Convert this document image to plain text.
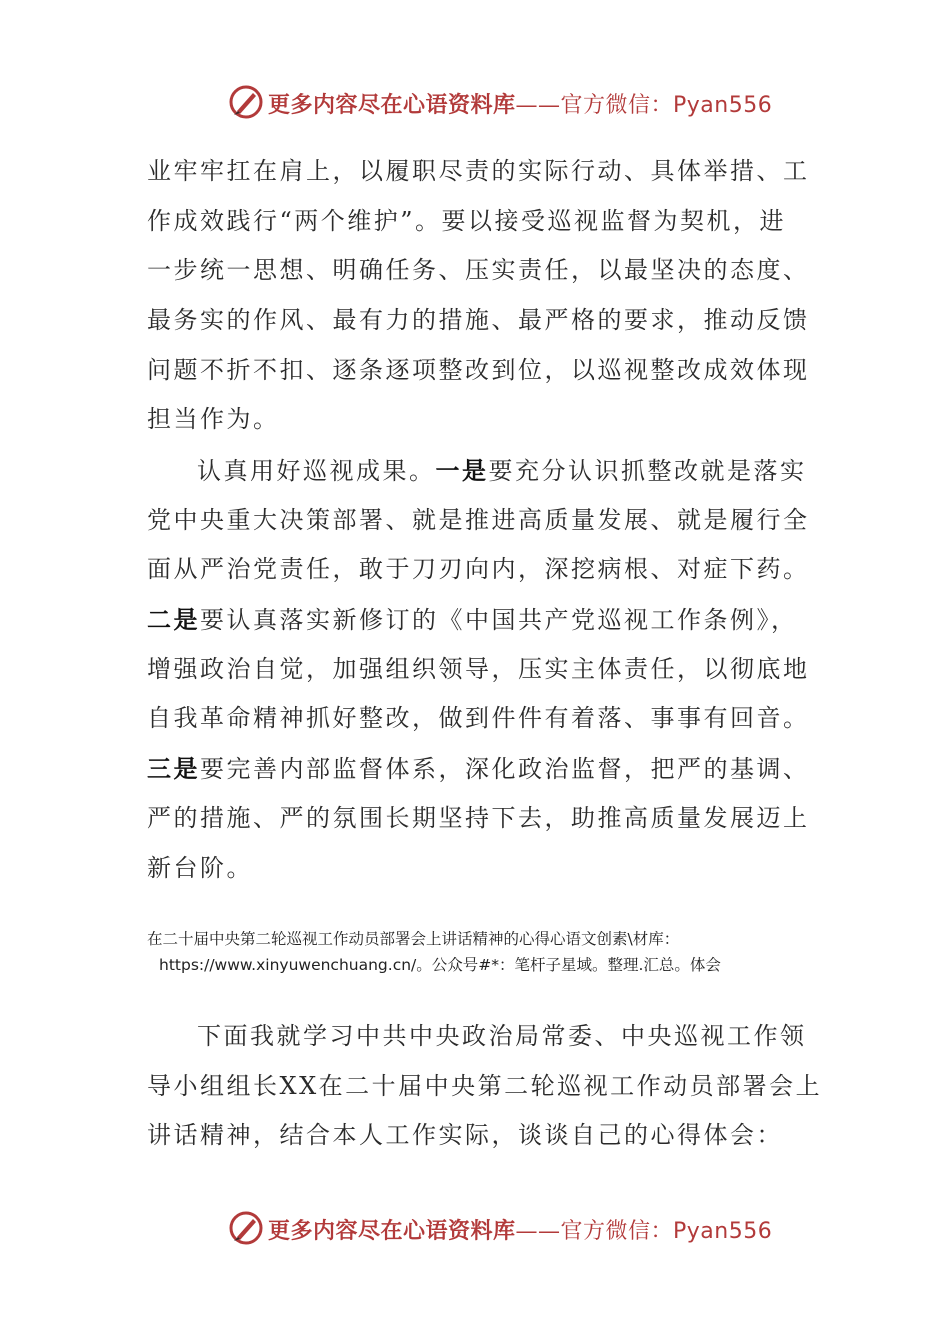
更多内容尽在心语资料库——官方微信：Pyan556
业牢牢扛在肩上，以履职尽责的实际行动、具体举措、工
作成效践行“两个维护”。要以接受巡视监督为契机，进
一步统一思想、明确任务、压实责任，以最坚决的态度、
最务实的作风、最有力的措施、最严格的要求，推动反馈
问题不折不扣、逐条逐项整改到位，以巡视整改成效体现
担当作为。
认真用好巡视成果。一是要充分认识抓整改就是落实
党中央重大决策部署、就是推进高质量发展、就是履行全
面从严治党责任，敢于刀刃向内，深挖病根、对症下药。
二是要认真落实新修订的《中国共产党巡视工作条例》，
增强政治自觉，加强组织领导，压实主体责任，以彻底地
自我革命精神抓好整改，做到件件有着落、事事有回音。
三是要完善内部监督体系，深化政治监督，把严的基调、
严的措施、严的氛围长期坚持下去，助推高质量发展迈上
新台阶。
在二十届中央第二轮巡视工作动员部署会上讲话精神的心得心语文创素\材库：
https://www.xinyuwenchuang.cn/。公众号#*：笔杆子星域。整理.汇总。体会
下面我就学习中共中央政治局常委、中央巡视工作领
导小组组长XX在二十届中央第二轮巡视工作动员部署会上
讲话精神，结合本人工作实际，谈谈自己的心得体会：
更多内容尽在心语资料库——官方微信：Pyan556
